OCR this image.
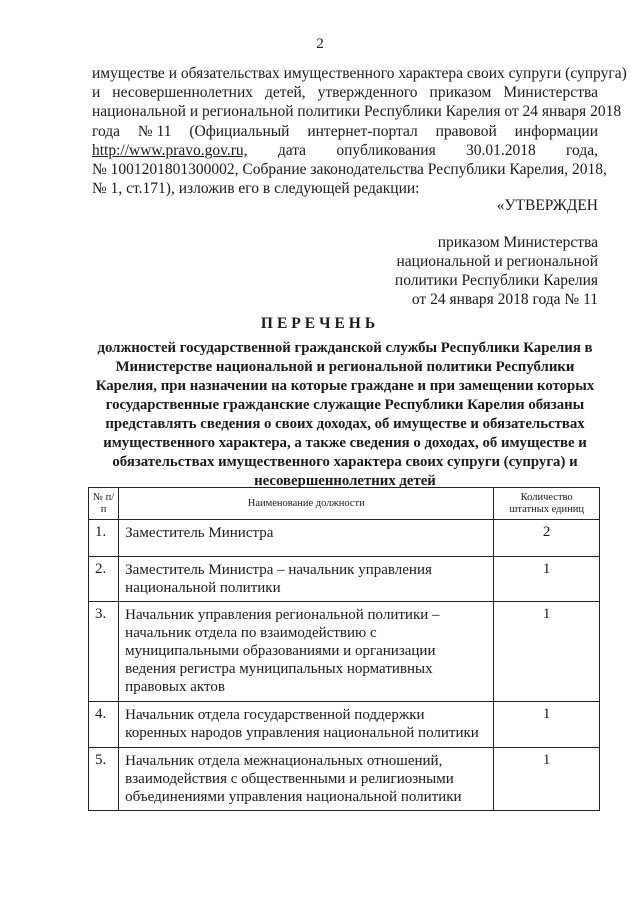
2
имуществе и обязательствах имущественного характера своих супруги (супруга)
и несовершеннолетних детей, утвержденного приказом Министерства
национальной и региональной политики Республики Карелия от 24 января 2018
года № 11 (Официальный интернет-портал правовой информации
http://www.pravo.gov.ru, дата опубликования 30.01.2018 года,
№ 1001201801300002, Собрание законодательства Республики Карелия, 2018,
№ 1, ст.171), изложив его в следующей редакции:
«УТВЕРЖДЕН
приказом Министерства
национальной и региональной
политики Республики Карелия
от 24 января 2018 года № 11
ПЕРЕЧЕНЬ
должностей государственной гражданской службы Республики Карелия в
Министерстве национальной и региональной политики Республики
Карелия, при назначении на которые граждане и при замещении которых
государственные гражданские служащие Республики Карелия обязаны
представлять сведения о своих доходах, об имуществе и обязательствах
имущественного характера, а также сведения о доходах, об имуществе и
обязательствах имущественного характера своих супруги (супруга) и
несовершеннолетних детей
№ п/п	Наименование должности	Количество
штатных единиц

1.	Заместитель Министра	2
2.	Заместитель Министра – начальник управления
национальной политики	1
3.	Начальник управления региональной политики –
начальник отдела по взаимодействию с
муниципальными образованиями и организации
ведения регистра муниципальных нормативных
правовых актов	1
4.	Начальник отдела государственной поддержки
коренных народов управления национальной политики	1
5.	Начальник отдела межнациональных отношений,
взаимодействия с общественными и религиозными
объединениями управления национальной политики	1
